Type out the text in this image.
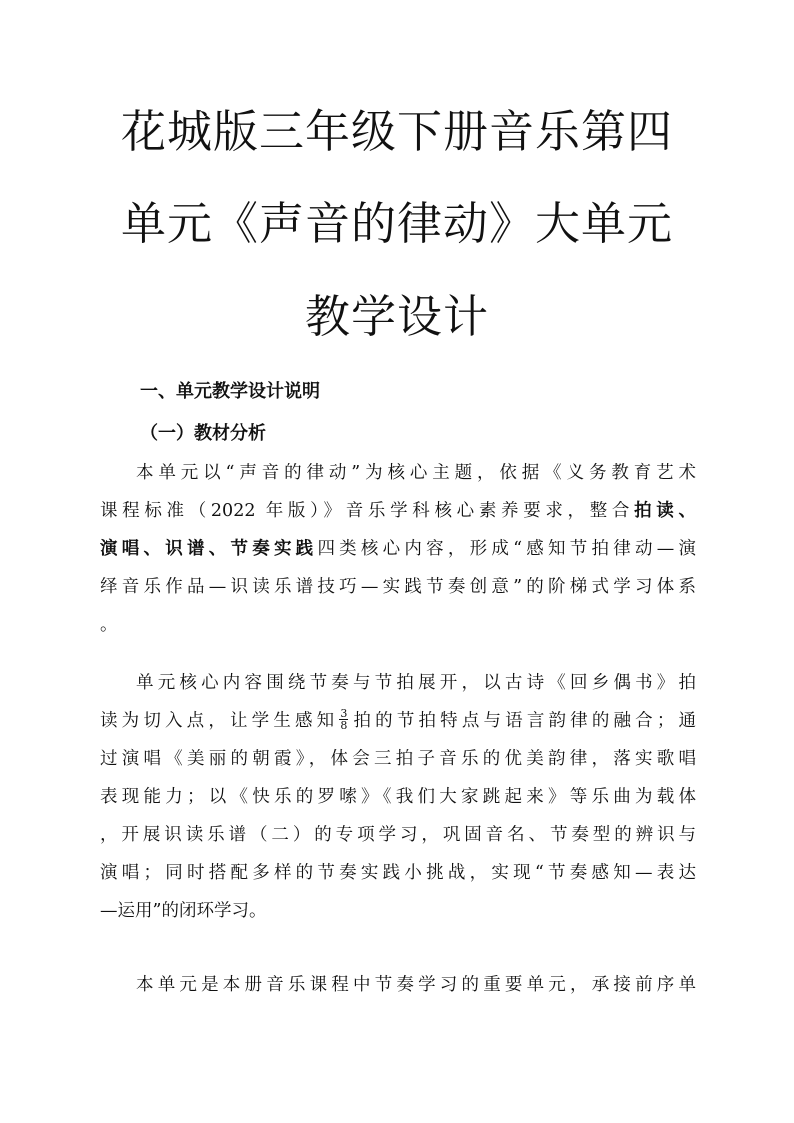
花城版三年级下册音乐第四
单元《声音的律动》大单元
教学设计
一、单元教学设计说明
（一）教材分析
本单元以“声音的律动”为核心主题，依据《义务教育艺术
课程标准（2022 年版）》音乐学科核心素养要求，整合拍读、
演唱、识谱、节奏实践四类核心内容，形成“感知节拍律动—演
绎音乐作品—识读乐谱技巧—实践节奏创意”的阶梯式学习体系
。
单元核心内容围绕节奏与节拍展开，以古诗《回乡偶书》拍
读为切入点，让学生感知 $\frac{3}{8}$ 拍的节拍特点与语言韵律的融合；通
过演唱《美丽的朝霞》，体会三拍子音乐的优美韵律，落实歌唱
表现能力；以《快乐的罗嗦》《我们大家跳起来》等乐曲为载体
，开展识读乐谱（二）的专项学习，巩固音名、节奏型的辨识与
演唱；同时搭配多样的节奏实践小挑战，实现“节奏感知—表达
—运用”的闭环学习。
本单元是本册音乐课程中节奏学习的重要单元，承接前序单
